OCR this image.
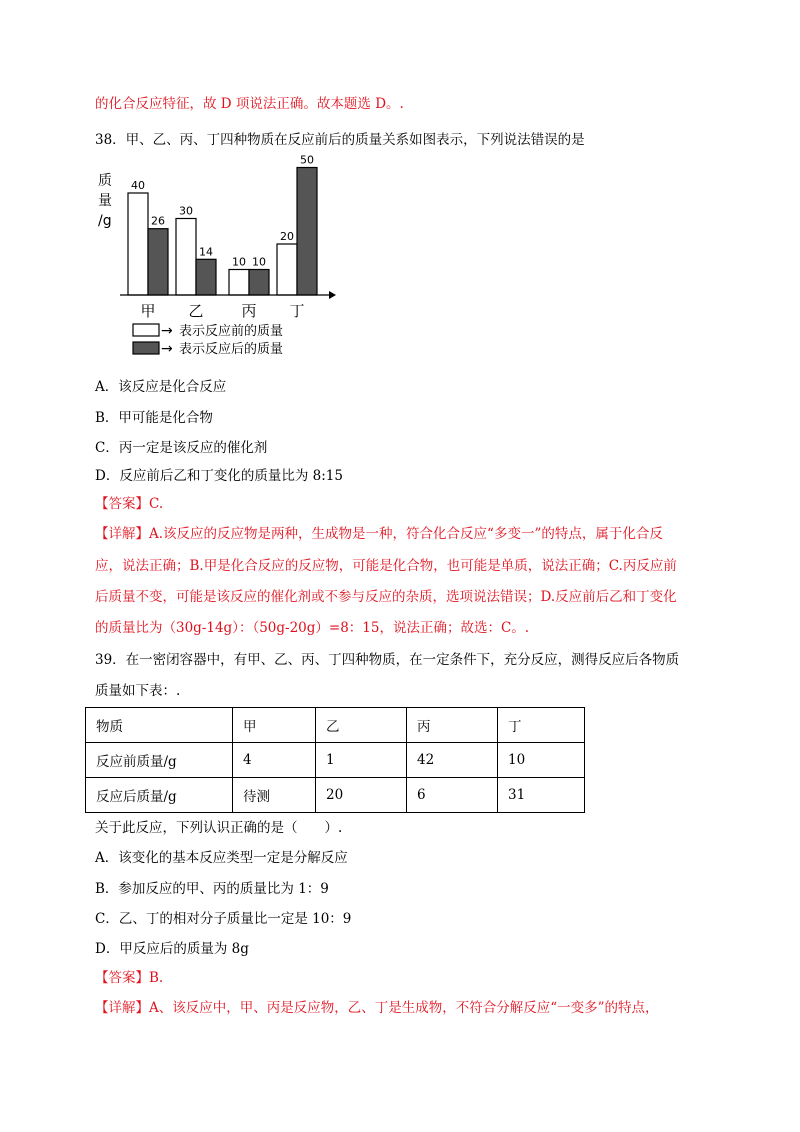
的化合反应特征，故 D 项说法正确。故本题选 D。.
38．甲、乙、丙、丁四种物质在反应前后的质量关系如图表示，下列说法错误的是
质
量
/g
40
26
甲
30
14
乙
10 10
丙
20
50
丁
→ 表示反应前的质量
→ 表示反应后的质量
A．该反应是化合反应
B．甲可能是化合物
C．丙一定是该反应的催化剂
D．反应前后乙和丁变化的质量比为 8:15
【答案】C.
【详解】A.该反应的反应物是两种，生成物是一种，符合化合反应“多变一”的特点，属于化合反
应，说法正确；B.甲是化合反应的反应物，可能是化合物，也可能是单质，说法正确；C.丙反应前
后质量不变，可能是该反应的催化剂或不参与反应的杂质，选项说法错误；D.反应前后乙和丁变化
的质量比为（30g-14g）：（50g-20g）=8：15，说法正确；故选：C。.
39．在一密闭容器中，有甲、乙、丙、丁四种物质，在一定条件下，充分反应，测得反应后各物质
质量如下表：.
物质	甲	乙	丙	丁
反应前质量/g	4	1	42	10
反应后质量/g	待测	20	6	31
关于此反应，下列认识正确的是（　　）.
A．该变化的基本反应类型一定是分解反应
B．参加反应的甲、丙的质量比为 1：9
C．乙、丁的相对分子质量比一定是 10：9
D．甲反应后的质量为 8g
【答案】B.
【详解】A、该反应中，甲、丙是反应物，乙、丁是生成物，不符合分解反应“一变多”的特点，
